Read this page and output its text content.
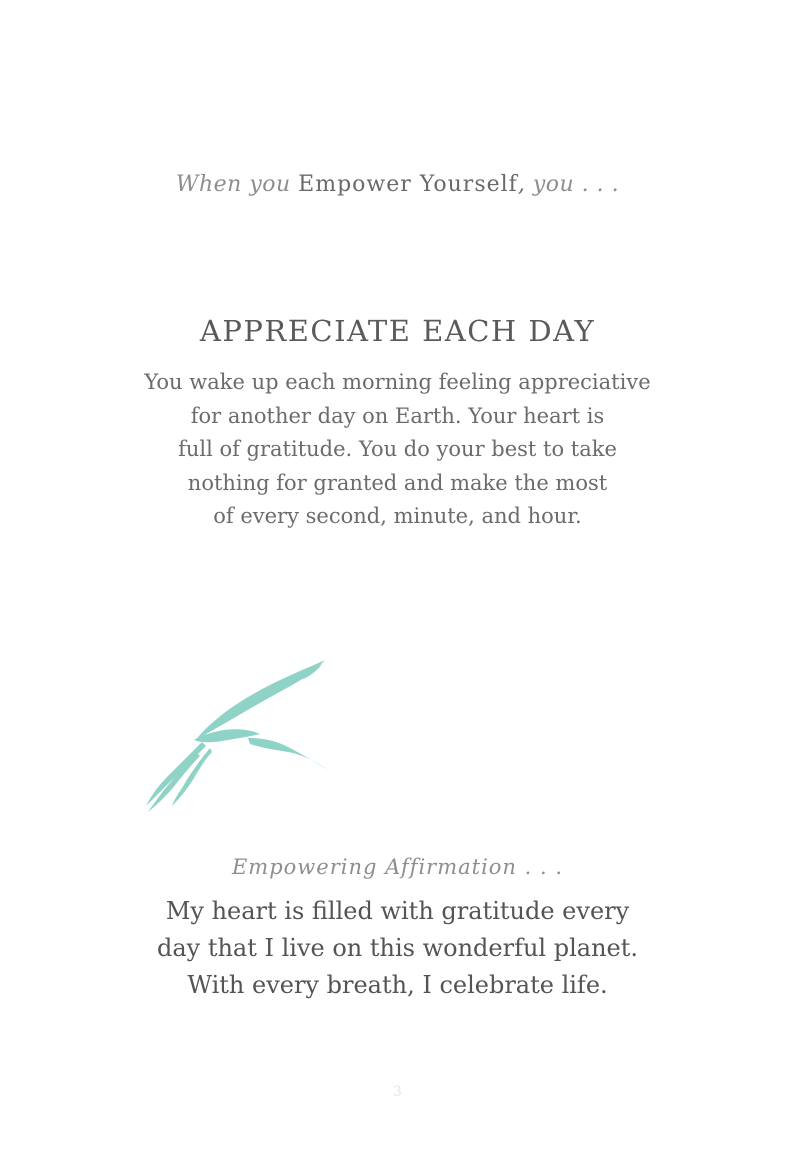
When you Empower Yourself, you . . .
APPRECIATE EACH DAY
You wake up each morning feeling appreciative
for another day on Earth. Your heart is
full of gratitude. You do your best to take
nothing for granted and make the most
of every second, minute, and hour.
Empowering Affirmation . . .
My heart is filled with gratitude every
day that I live on this wonderful planet.
With every breath, I celebrate life.
3
